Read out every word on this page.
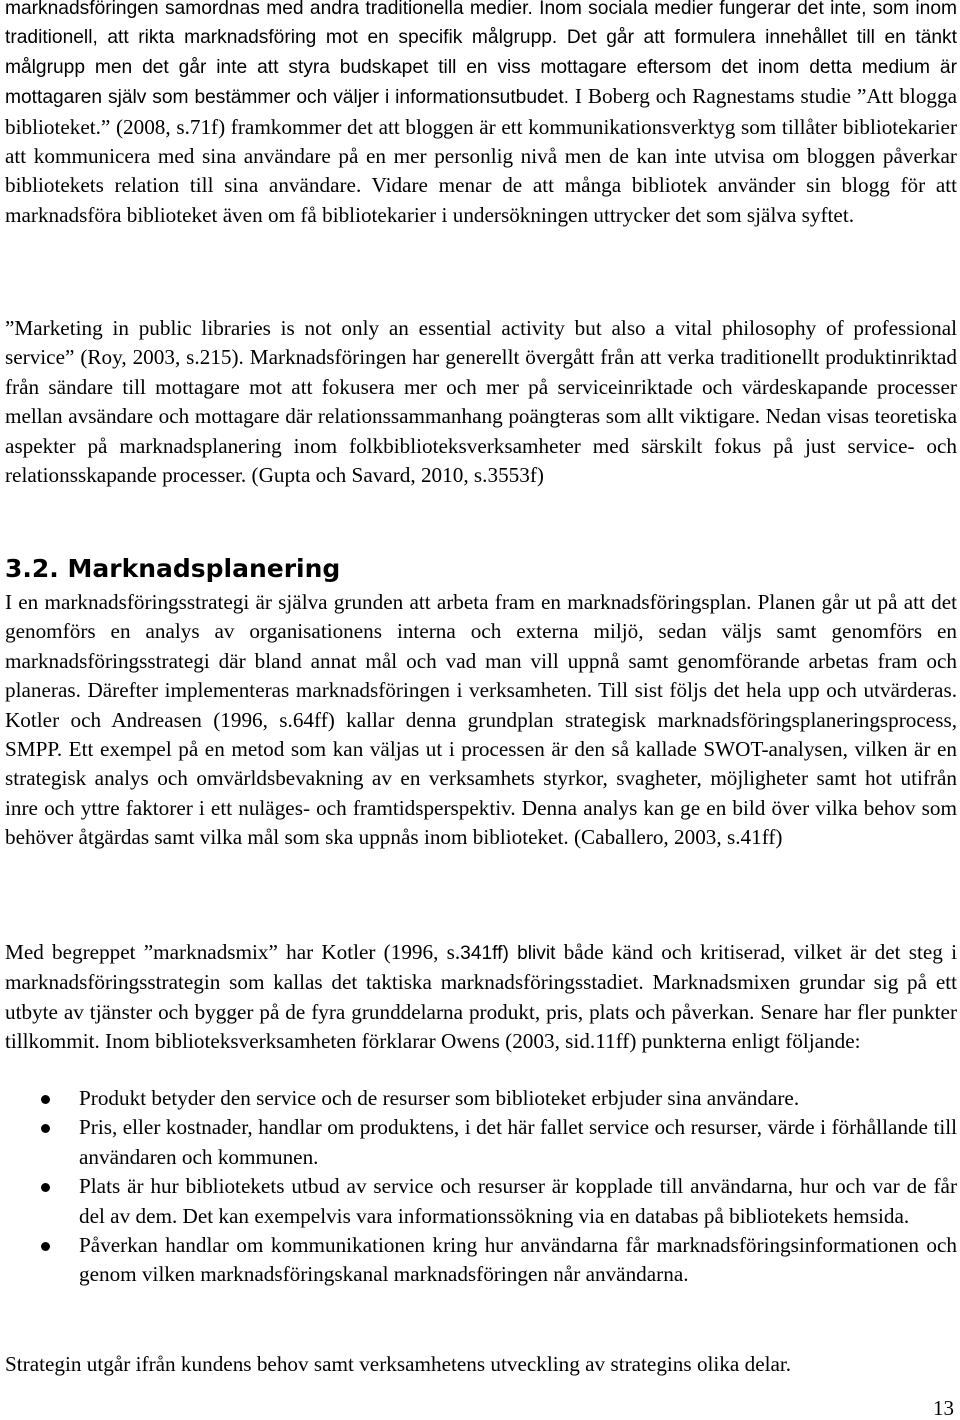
marknadsföringen samordnas med andra traditionella medier. Inom sociala medier fungerar det inte, som inom traditionell, att rikta marknadsföring mot en specifik målgrupp. Det går att formulera innehållet till en tänkt målgrupp men det går inte att styra budskapet till en viss mottagare eftersom det inom detta medium är mottagaren själv som bestämmer och väljer i informationsutbudet. I Boberg och Ragnestams studie ”Att blogga biblioteket.” (2008, s.71f) framkommer det att bloggen är ett kommunikationsverktyg som tillåter bibliotekarier att kommunicera med sina användare på en mer personlig nivå men de kan inte utvisa om bloggen påverkar bibliotekets relation till sina användare. Vidare menar de att många bibliotek använder sin blogg för att marknadsföra biblioteket även om få bibliotekarier i undersökningen uttrycker det som själva syftet.

”Marketing in public libraries is not only an essential activity but also a vital philosophy of professional service” (Roy, 2003, s.215). Marknadsföringen har generellt övergått från att verka traditionellt produktinriktad från sändare till mottagare mot att fokusera mer och mer på serviceinriktade och värdeskapande processer mellan avsändare och mottagare där relationssammanhang poängteras som allt viktigare. Nedan visas teoretiska aspekter på marknadsplanering inom folkbiblioteksverksamheter med särskilt fokus på just service- och relationsskapande processer. (Gupta och Savard, 2010, s.3553f)

3.2. Marknadsplanering

I en marknadsföringsstrategi är själva grunden att arbeta fram en marknadsföringsplan. Planen går ut på att det genomförs en analys av organisationens interna och externa miljö, sedan väljs samt genomförs en marknadsföringsstrategi där bland annat mål och vad man vill uppnå samt genomförande arbetas fram och planeras. Därefter implementeras marknadsföringen i verksamheten. Till sist följs det hela upp och utvärderas. Kotler och Andreasen (1996, s.64ff) kallar denna grundplan strategisk marknadsföringsplaneringsprocess, SMPP. Ett exempel på en metod som kan väljas ut i processen är den så kallade SWOT-analysen, vilken är en strategisk analys och omvärldsbevakning av en verksamhets styrkor, svagheter, möjligheter samt hot utifrån inre och yttre faktorer i ett nuläges- och framtidsperspektiv. Denna analys kan ge en bild över vilka behov som behöver åtgärdas samt vilka mål som ska uppnås inom biblioteket. (Caballero, 2003, s.41ff)

Med begreppet ”marknadsmix” har Kotler (1996, s.341ff) blivit både känd och kritiserad, vilket är det steg i marknadsföringsstrategin som kallas det taktiska marknadsföringsstadiet. Marknadsmixen grundar sig på ett utbyte av tjänster och bygger på de fyra grunddelarna produkt, pris, plats och påverkan. Senare har fler punkter tillkommit. Inom biblioteksverksamheten förklarar Owens (2003, sid.11ff) punkterna enligt följande:

Produkt betyder den service och de resurser som biblioteket erbjuder sina användare.
Pris, eller kostnader, handlar om produktens, i det här fallet service och resurser, värde i förhållande till användaren och kommunen.
Plats är hur bibliotekets utbud av service och resurser är kopplade till användarna, hur och var de får del av dem. Det kan exempelvis vara informationssökning via en databas på bibliotekets hemsida.
Påverkan handlar om kommunikationen kring hur användarna får marknadsföringsinformationen och genom vilken marknadsföringskanal marknadsföringen når användarna.

Strategin utgår ifrån kundens behov samt verksamhetens utveckling av strategins olika delar.

13
